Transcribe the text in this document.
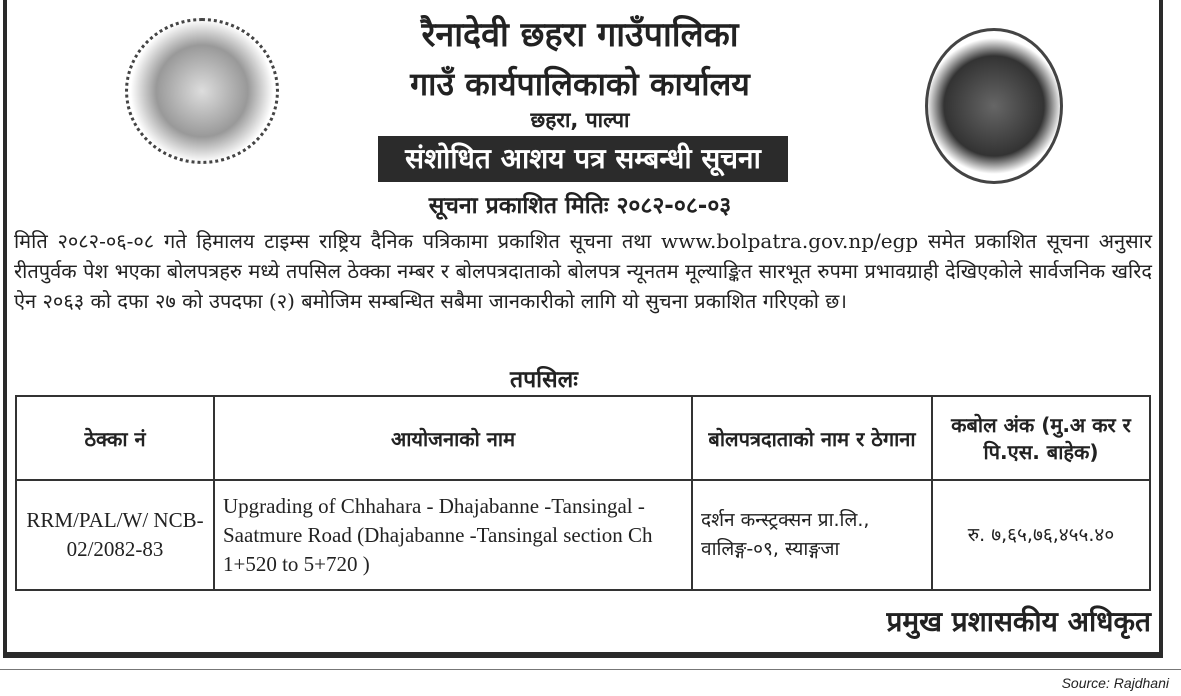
रैनादेवी छहरा गाउँपालिका
गाउँ कार्यपालिकाको कार्यालय
छहरा, पाल्पा
संशोधित आशय पत्र सम्बन्धी सूचना
सूचना प्रकाशित मितिः २०८२-०८-०३

मिति २०८२-०६-०८ गते हिमालय टाइम्स राष्ट्रिय दैनिक पत्रिकामा प्रकाशित सूचना तथा www.bolpatra.gov.np/egp समेत प्रकाशित सूचना अनुसार रीतपुर्वक पेश भएका बोलपत्रहरु मध्ये तपसिल ठेक्का नम्बर र बोलपत्रदाताको बोलपत्र न्यूनतम मूल्याङ्कित सारभूत रुपमा प्रभावग्राही देखिएकोले सार्वजनिक खरिद ऐन २०६३ को दफा २७ को उपदफा (२) बमोजिम सम्बन्धित सबैमा जानकारीको लागि यो सुचना प्रकाशित गरिएको छ।

तपसिलः
ठेक्का नं	आयोजनाको नाम	बोलपत्रदाताको नाम र ठेगाना	कबोल अंक (मु.अ कर र पि.एस. बाहेक)
RRM/PAL/W/ NCB-02/2082-83	Upgrading of Chhahara - Dhajabanne -Tansingal - Saatmure Road (Dhajabanne -Tansingal section Ch 1+520 to 5+720 )	दर्शन कन्स्ट्रक्सन प्रा.लि., वालिङ्ग-०९, स्याङ्गजा	रु. ७,६५,७६,४५५.४०
प्रमुख प्रशासकीय अधिकृत
Source: Rajdhani
